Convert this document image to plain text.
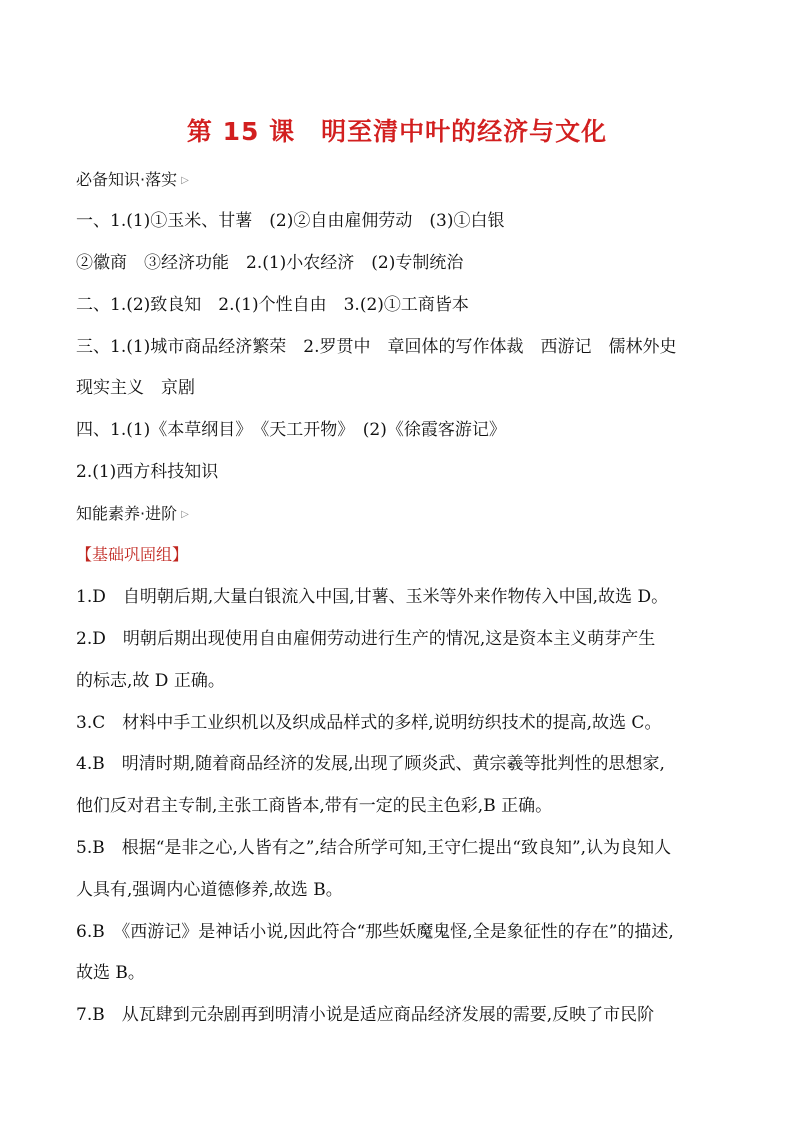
第 15 课　明至清中叶的经济与文化
必备知识·落实 ▷
一、1.(1)①玉米、甘薯　(2)②自由雇佣劳动　(3)①白银
②徽商　③经济功能　2.(1)小农经济　(2)专制统治
二、1.(2)致良知　2.(1)个性自由　3.(2)①工商皆本
三、1.(1)城市商品经济繁荣　2.罗贯中　章回体的写作体裁　西游记　儒林外史
现实主义　京剧
四、1.(1)《本草纲目》　《天工开物》　(2)《徐霞客游记》
2.(1)西方科技知识
知能素养·进阶 ▷
【基础巩固组】
1.D　自明朝后期,大量白银流入中国,甘薯、玉米等外来作物传入中国,故选 D。
2.D　明朝后期出现使用自由雇佣劳动进行生产的情况,这是资本主义萌芽产生
的标志,故 D 正确。
3.C　材料中手工业织机以及织成品样式的多样,说明纺织技术的提高,故选 C。
4.B　明清时期,随着商品经济的发展,出现了顾炎武、黄宗羲等批判性的思想家,
他们反对君主专制,主张工商皆本,带有一定的民主色彩,B 正确。
5.B　根据“是非之心,人皆有之”,结合所学可知,王守仁提出“致良知”,认为良知人
人具有,强调内心道德修养,故选 B。
6.B　《西游记》是神话小说,因此符合“那些妖魔鬼怪,全是象征性的存在”的描述,
故选 B。
7.B　从瓦肆到元杂剧再到明清小说是适应商品经济发展的需要,反映了市民阶
